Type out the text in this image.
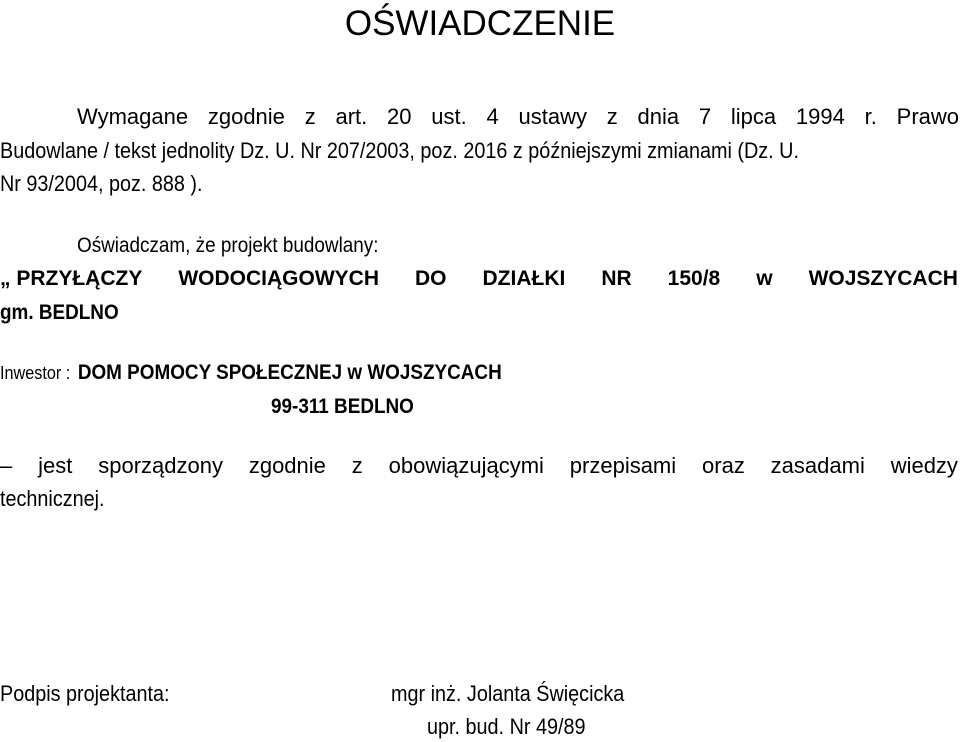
OŚWIADCZENIE
Wymagane zgodnie z art. 20 ust. 4 ustawy z dnia 7 lipca 1994 r. Prawo
Budowlane / tekst jednolity Dz. U. Nr 207/2003, poz. 2016 z późniejszymi zmianami (Dz. U.
Nr 93/2004, poz. 888 ).
Oświadczam, że projekt budowlany:
„ PRZYŁĄCZY WODOCIĄGOWYCH DO DZIAŁKI NR 150/8 w WOJSZYCACH
gm. BEDLNO
Inwestor : DOM POMOCY SPOŁECZNEJ w WOJSZYCACH
99-311 BEDLNO
– jest sporządzony zgodnie z obowiązującymi przepisami oraz zasadami wiedzy
technicznej.
Podpis projektanta:	mgr inż. Jolanta Święcicka
upr. bud. Nr 49/89
